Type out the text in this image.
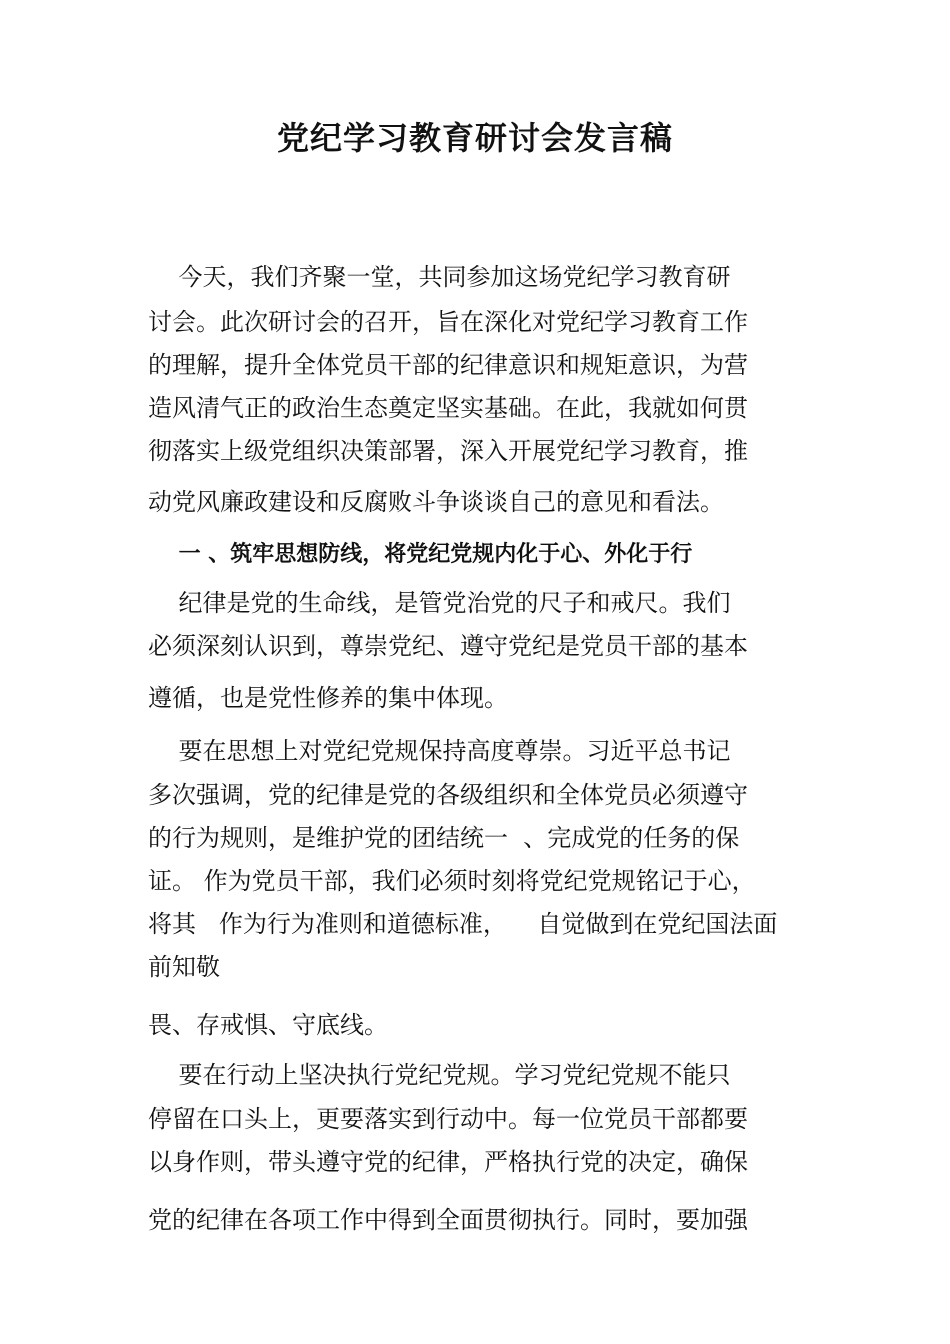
党纪学习教育研讨会发言稿
今天，我们齐聚一堂，共同参加这场党纪学习教育研
讨会。此次研讨会的召开，旨在深化对党纪学习教育工作
的理解，提升全体党员干部的纪律意识和规矩意识，为营
造风清气正的政治生态奠定坚实基础。在此，我就如何贯
彻落实上级党组织决策部署，深入开展党纪学习教育，推
动党风廉政建设和反腐败斗争谈谈自己的意见和看法。
一 、筑牢思想防线，将党纪党规内化于心、外化于行
纪律是党的生命线，是管党治党的尺子和戒尺。我们
必须深刻认识到，尊崇党纪、遵守党纪是党员干部的基本
遵循，也是党性修养的集中体现。
要在思想上对党纪党规保持高度尊崇。习近平总书记
多次强调，党的纪律是党的各级组织和全体党员必须遵守
的行为规则，是维护党的团结统一  、完成党的任务的保
证。 作为党员干部，我们必须时刻将党纪党规铭记于心，
将其   作为行为准则和道德标准，    自觉做到在党纪国法面
前知敬
畏、存戒惧、守底线。
要在行动上坚决执行党纪党规。学习党纪党规不能只
停留在口头上，更要落实到行动中。每一位党员干部都要
以身作则，带头遵守党的纪律，严格执行党的决定，确保
党的纪律在各项工作中得到全面贯彻执行。同时，要加强
